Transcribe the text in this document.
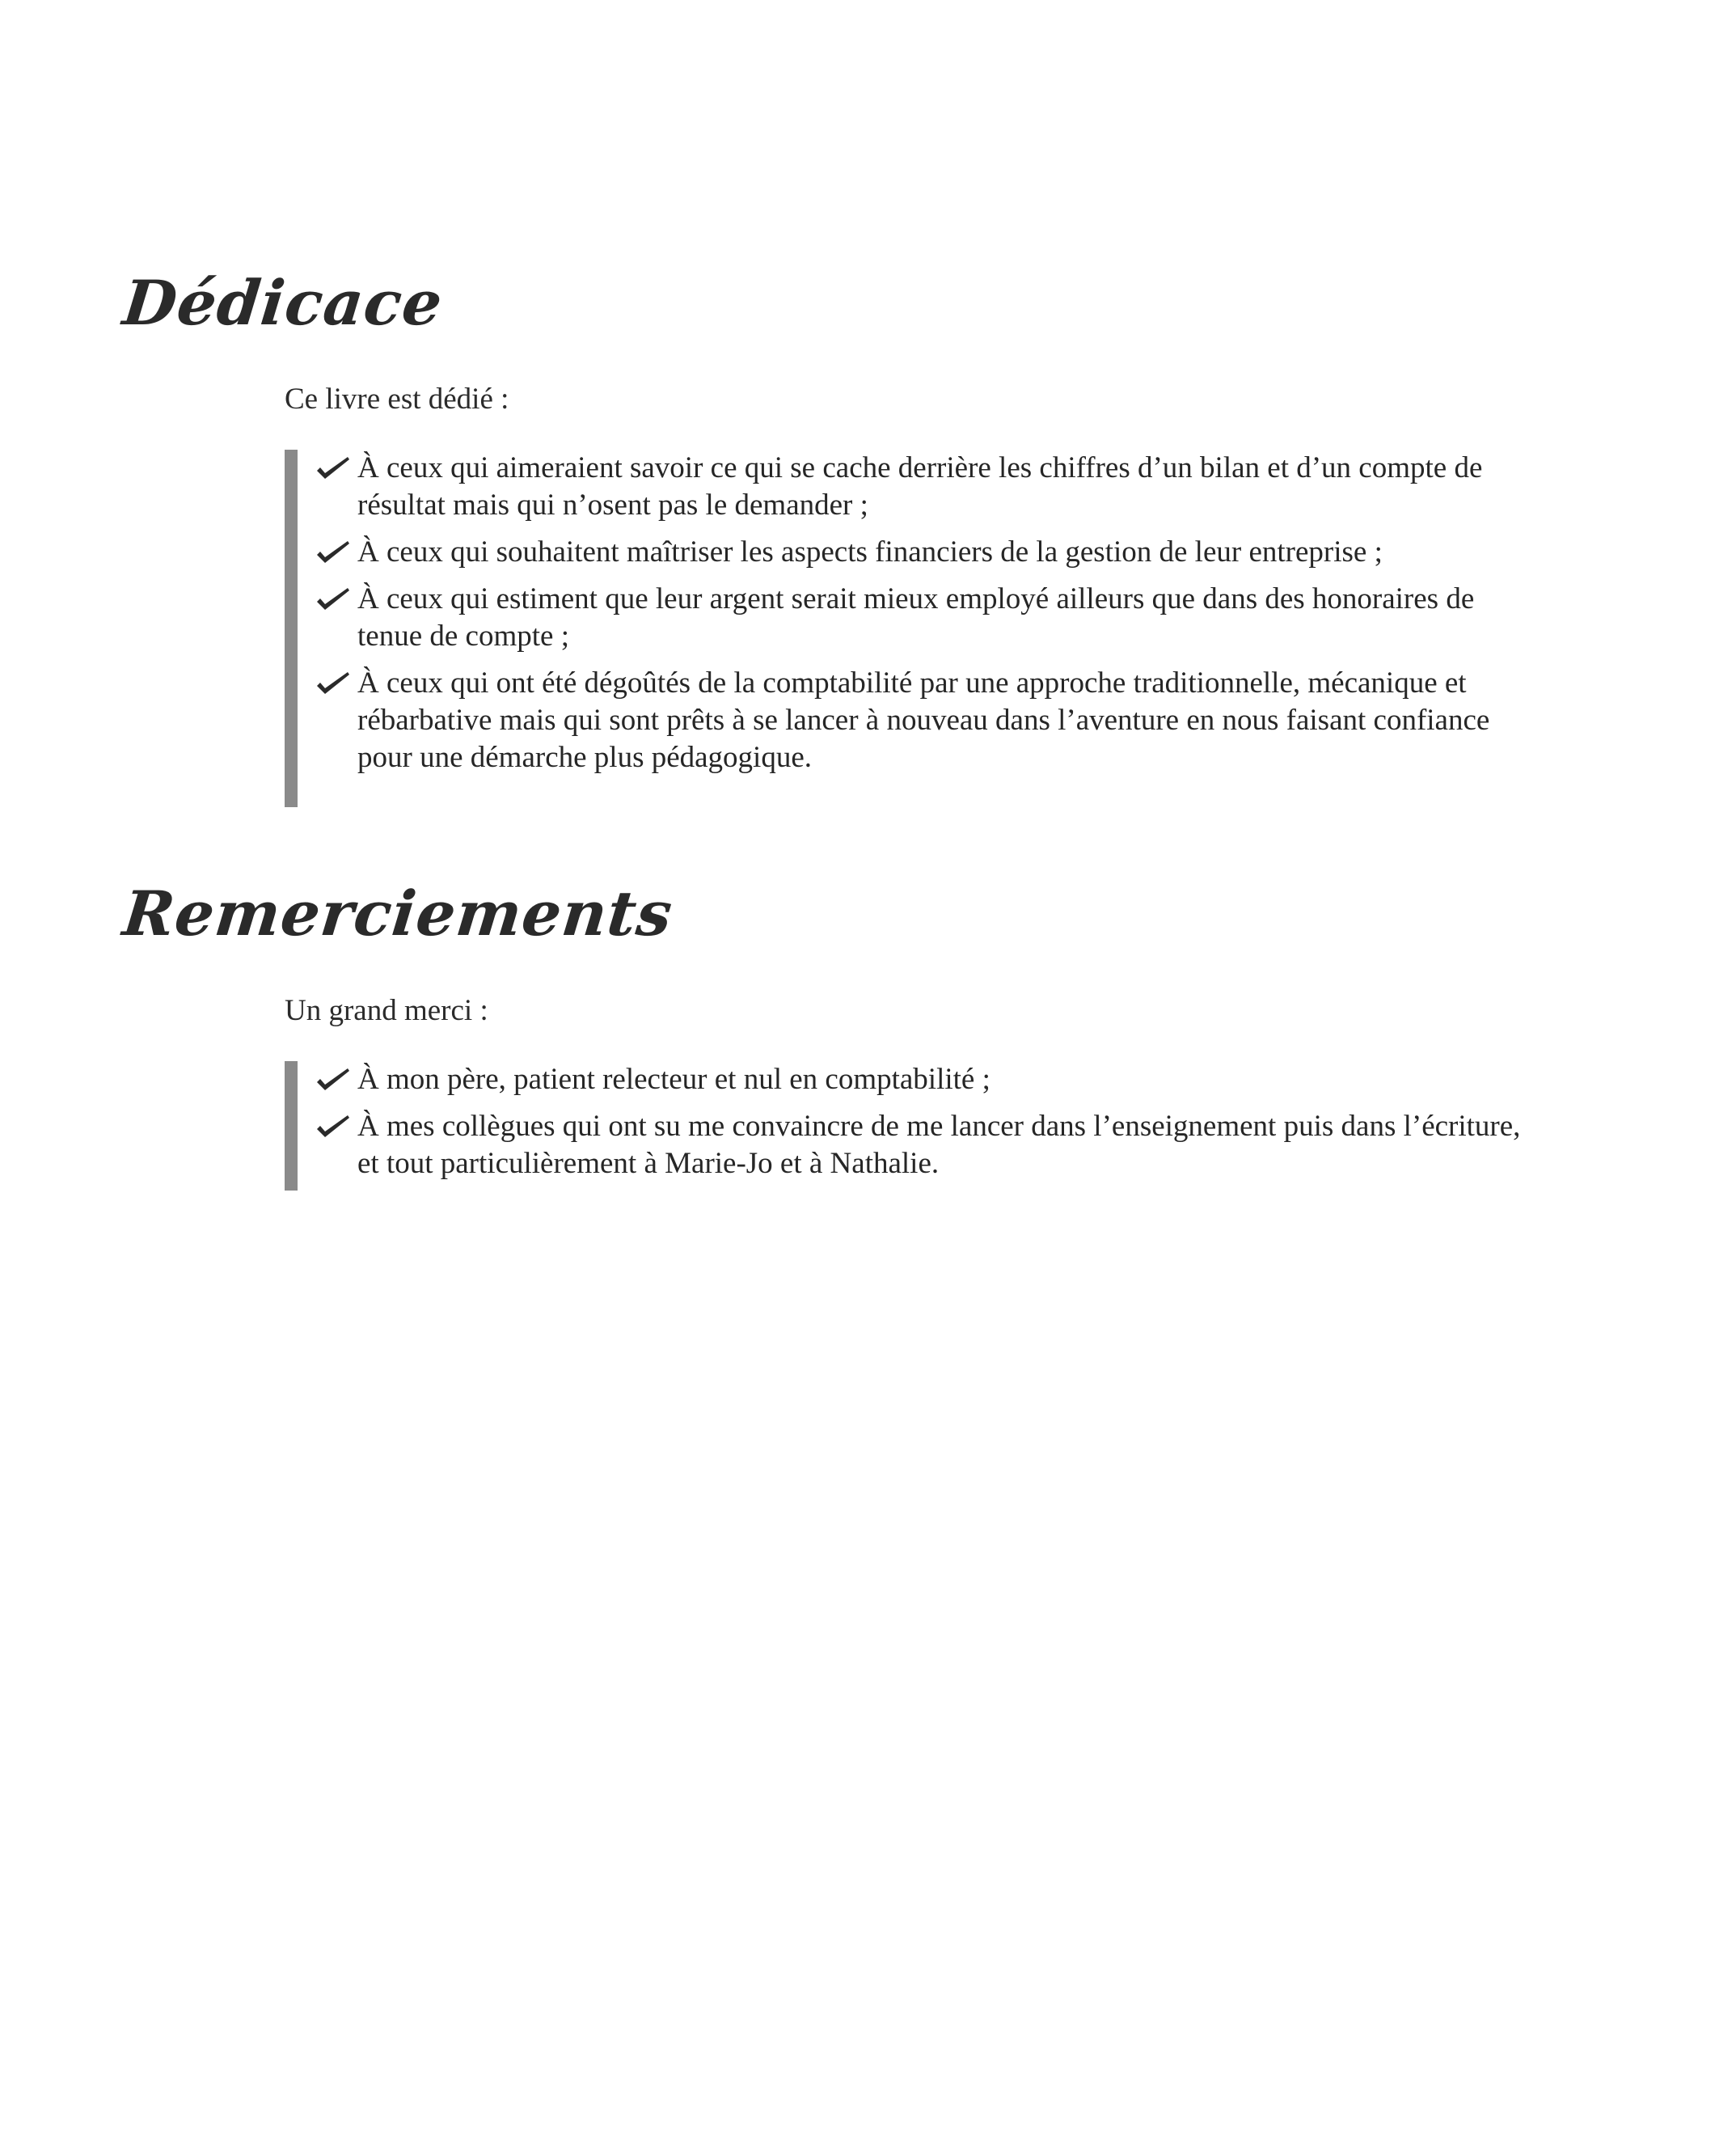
Dédicace
Ce livre est dédié :
À ceux qui aimeraient savoir ce qui se cache derrière les chiffres d’un bilan et d’un compte de résultat mais qui n’osent pas le demander ;
À ceux qui souhaitent maîtriser les aspects financiers de la gestion de leur entreprise ;
À ceux qui estiment que leur argent serait mieux employé ailleurs que dans des honoraires de tenue de compte ;
À ceux qui ont été dégoûtés de la comptabilité par une approche traditionnelle, mécanique et rébarbative mais qui sont prêts à se lancer à nouveau dans l’aventure en nous faisant confiance pour une démarche plus pédagogique.
Remerciements
Un grand merci :
À mon père, patient relecteur et nul en comptabilité ;
À mes collègues qui ont su me convaincre de me lancer dans l’enseignement puis dans l’écriture, et tout particulièrement à Marie-Jo et à Nathalie.
